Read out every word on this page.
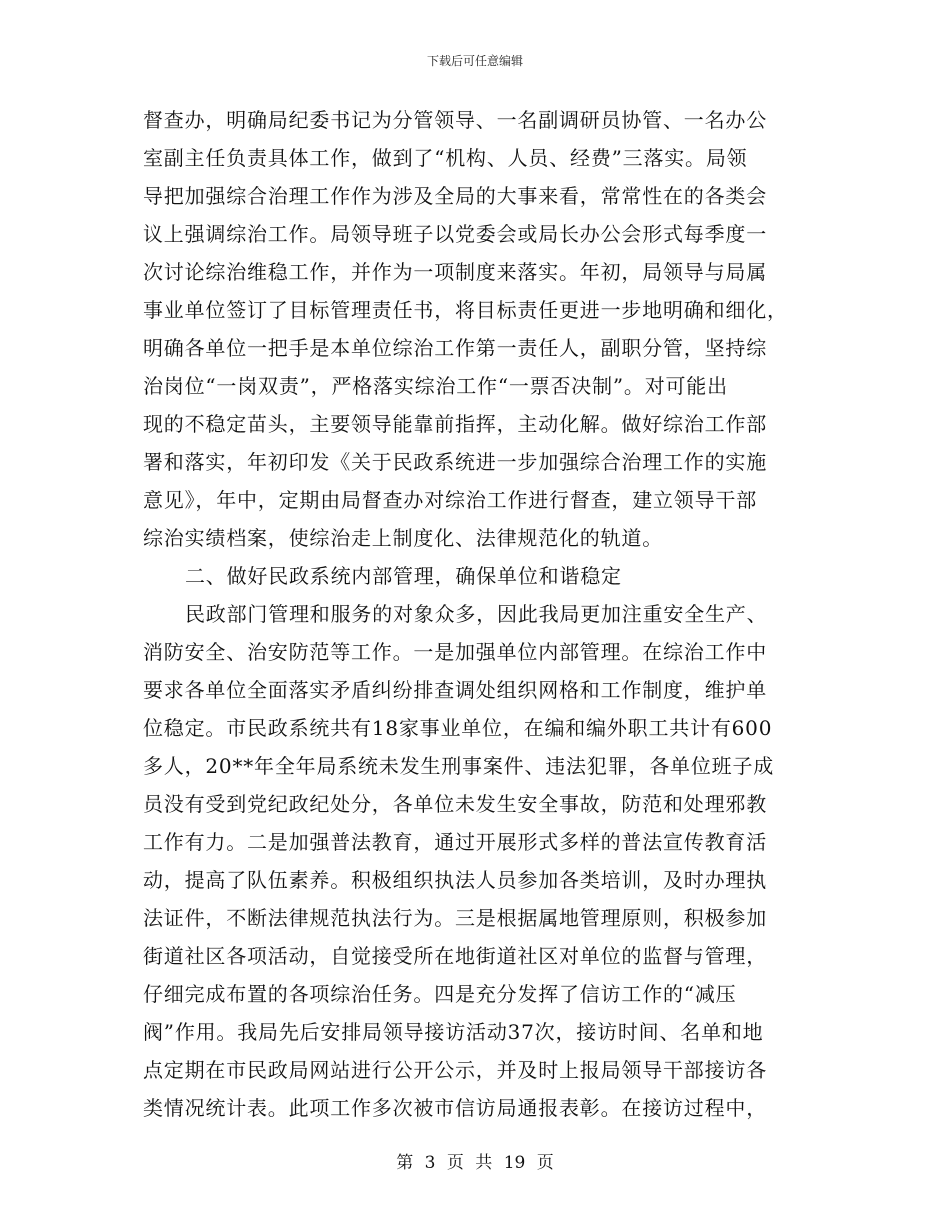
下载后可任意编辑
督查办，明确局纪委书记为分管领导、一名副调研员协管、一名办公
室副主任负责具体工作，做到了“机构、人员、经费”三落实。局领
导把加强综合治理工作作为涉及全局的大事来看，常常性在的各类会
议上强调综治工作。局领导班子以党委会或局长办公会形式每季度一
次讨论综治维稳工作，并作为一项制度来落实。年初，局领导与局属
事业单位签订了目标管理责任书，将目标责任更进一步地明确和细化，
明确各单位一把手是本单位综治工作第一责任人，副职分管，坚持综
治岗位“一岗双责”，严格落实综治工作“一票否决制”。对可能出
现的不稳定苗头，主要领导能靠前指挥，主动化解。做好综治工作部
署和落实，年初印发《关于民政系统进一步加强综合治理工作的实施
意见》，年中，定期由局督查办对综治工作进行督查，建立领导干部
综治实绩档案，使综治走上制度化、法律规范化的轨道。
二、做好民政系统内部管理，确保单位和谐稳定
民政部门管理和服务的对象众多，因此我局更加注重安全生产、
消防安全、治安防范等工作。一是加强单位内部管理。在综治工作中
要求各单位全面落实矛盾纠纷排查调处组织网格和工作制度，维护单
位稳定。市民政系统共有18家事业单位，在编和编外职工共计有600
多人，20**年全年局系统未发生刑事案件、违法犯罪，各单位班子成
员没有受到党纪政纪处分，各单位未发生安全事故，防范和处理邪教
工作有力。二是加强普法教育，通过开展形式多样的普法宣传教育活
动，提高了队伍素养。积极组织执法人员参加各类培训，及时办理执
法证件，不断法律规范执法行为。三是根据属地管理原则，积极参加
街道社区各项活动，自觉接受所在地街道社区对单位的监督与管理，
仔细完成布置的各项综治任务。四是充分发挥了信访工作的“减压
阀”作用。我局先后安排局领导接访活动37次，接访时间、名单和地
点定期在市民政局网站进行公开公示，并及时上报局领导干部接访各
类情况统计表。此项工作多次被市信访局通报表彰。在接访过程中，
第 3 页 共 19 页
